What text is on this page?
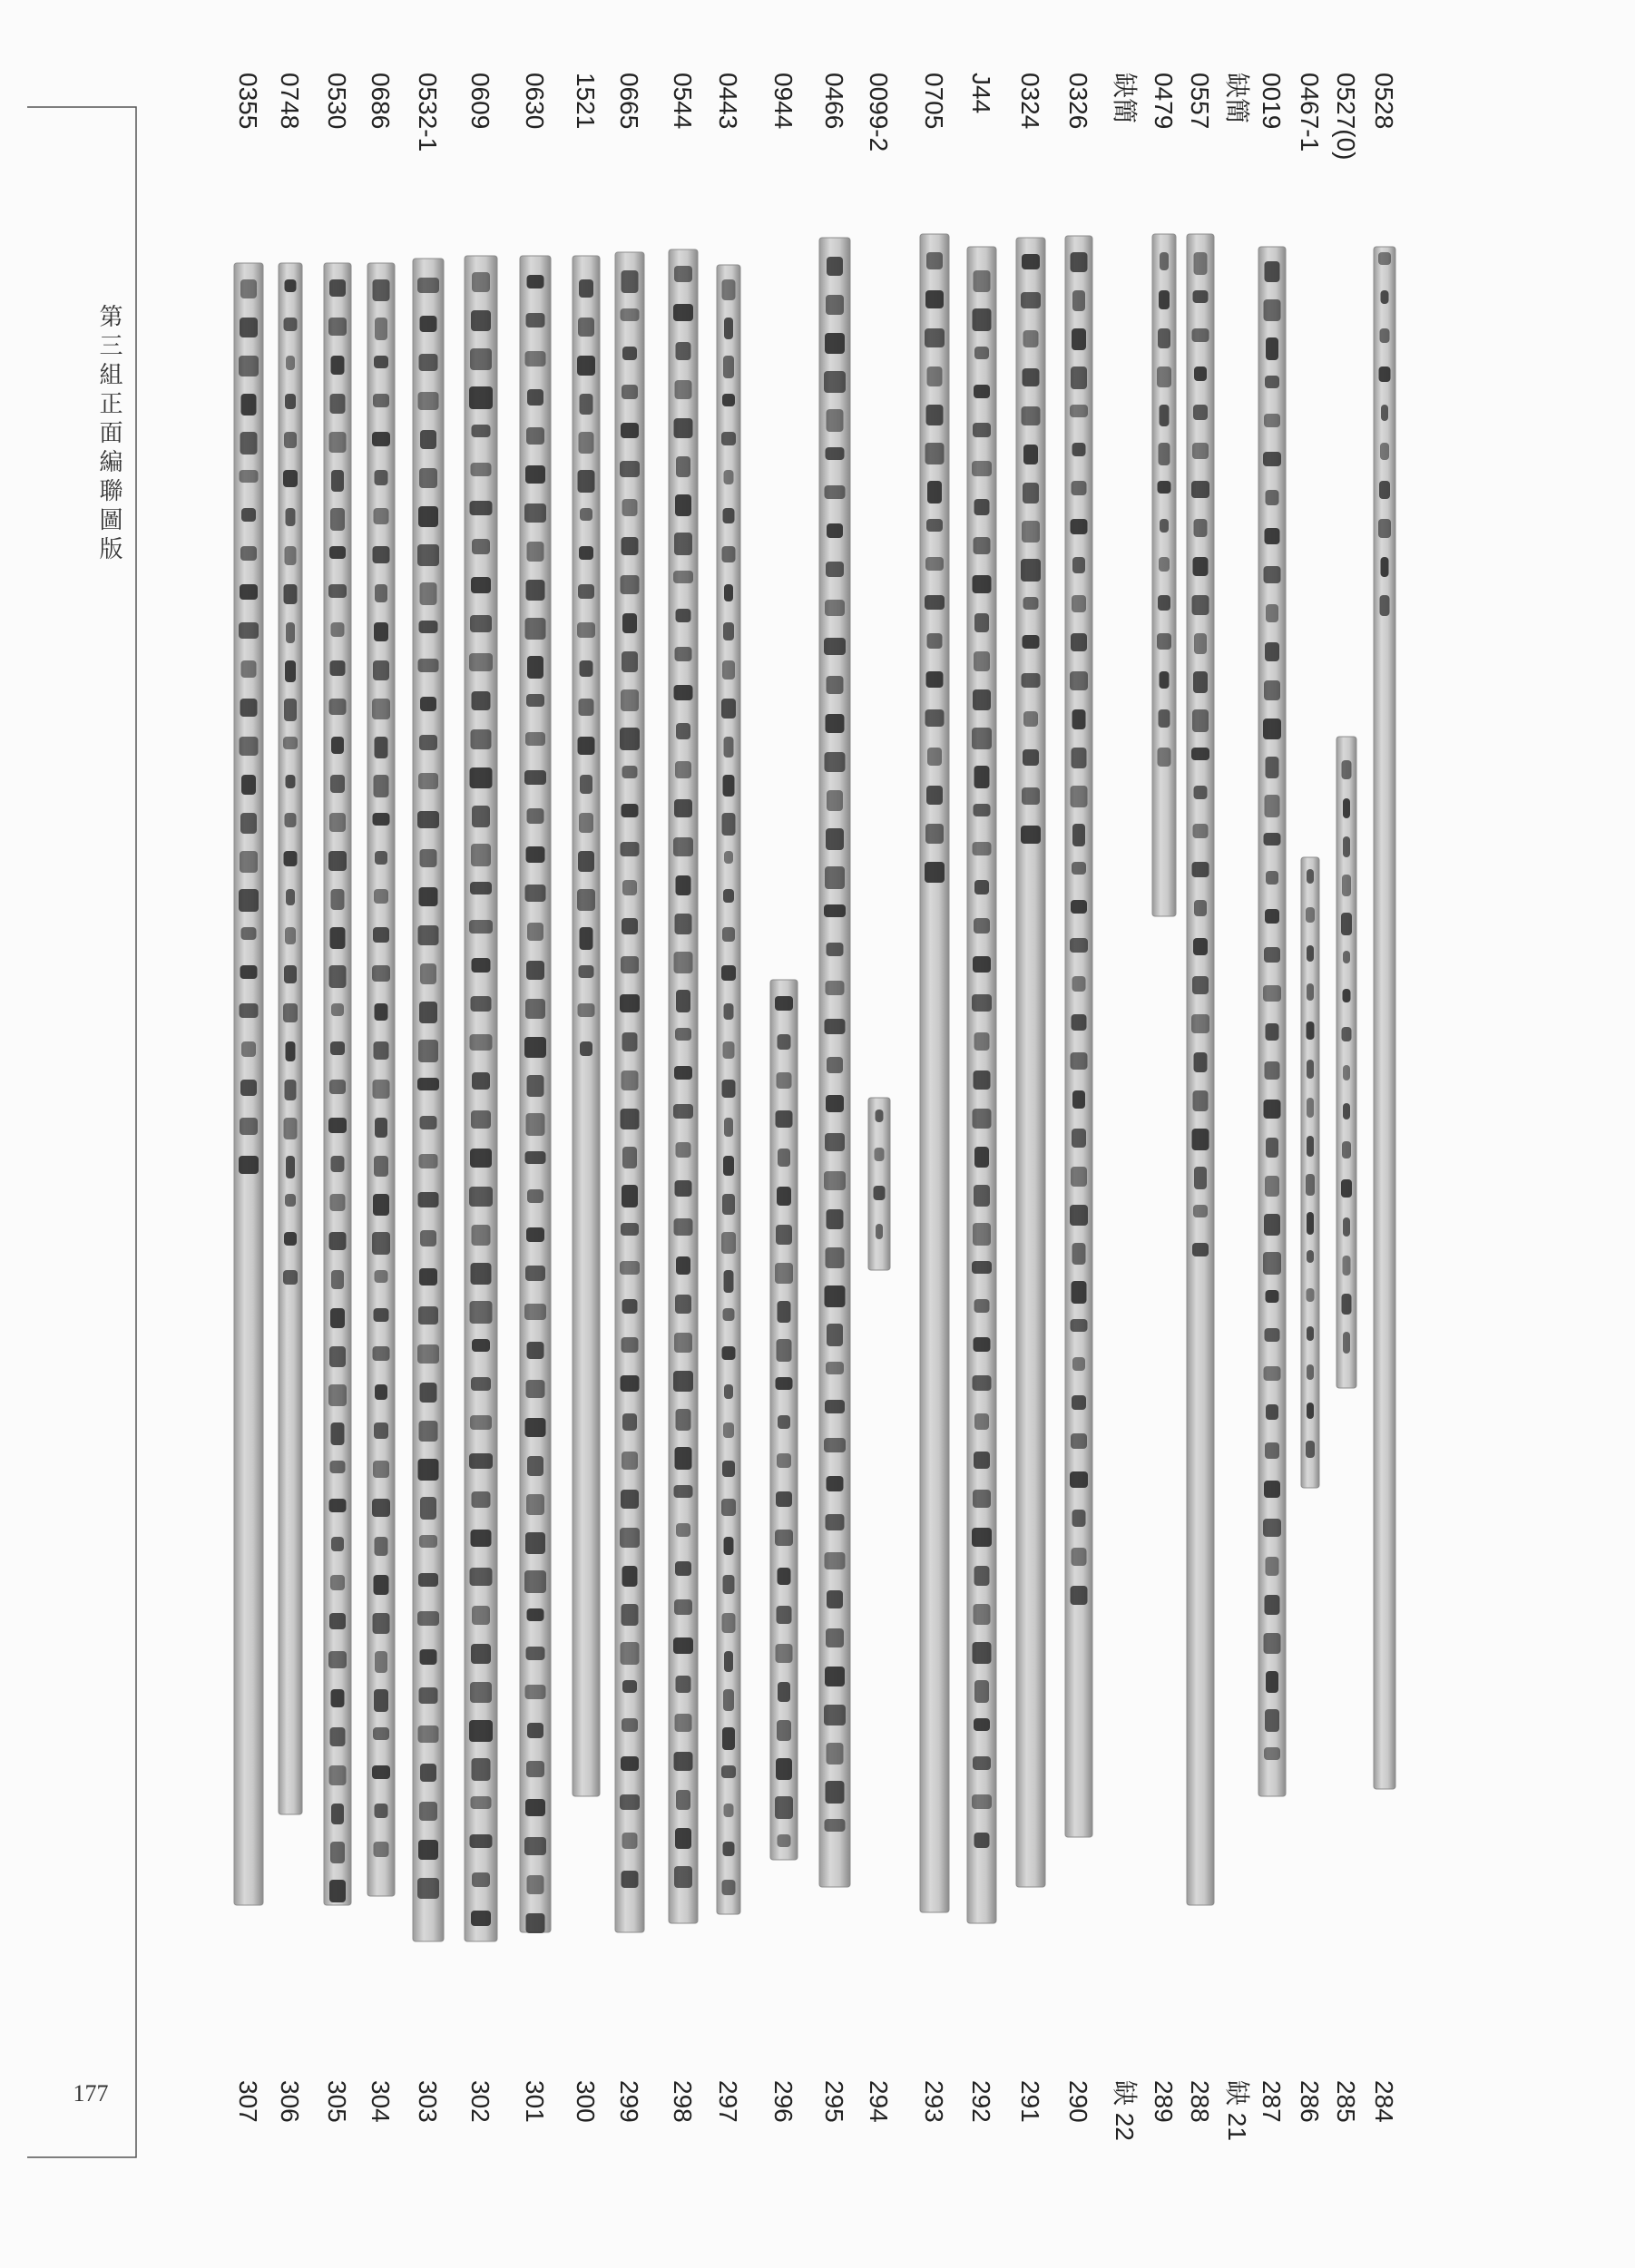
第三組正面編聯圖版
177
0528
0527(0)
0467-1
0019
缺簡
0557
0479
缺簡
0326
0324
J44
0705
0099-2
0466
0944
0443
0544
0665
1521
0630
0609
0532-1
0686
0530
0748
0355
284
285
286
287
缺 21
288
289
缺 22
290
291
292
293
294
295
296
297
298
299
300
301
302
303
304
305
306
307
